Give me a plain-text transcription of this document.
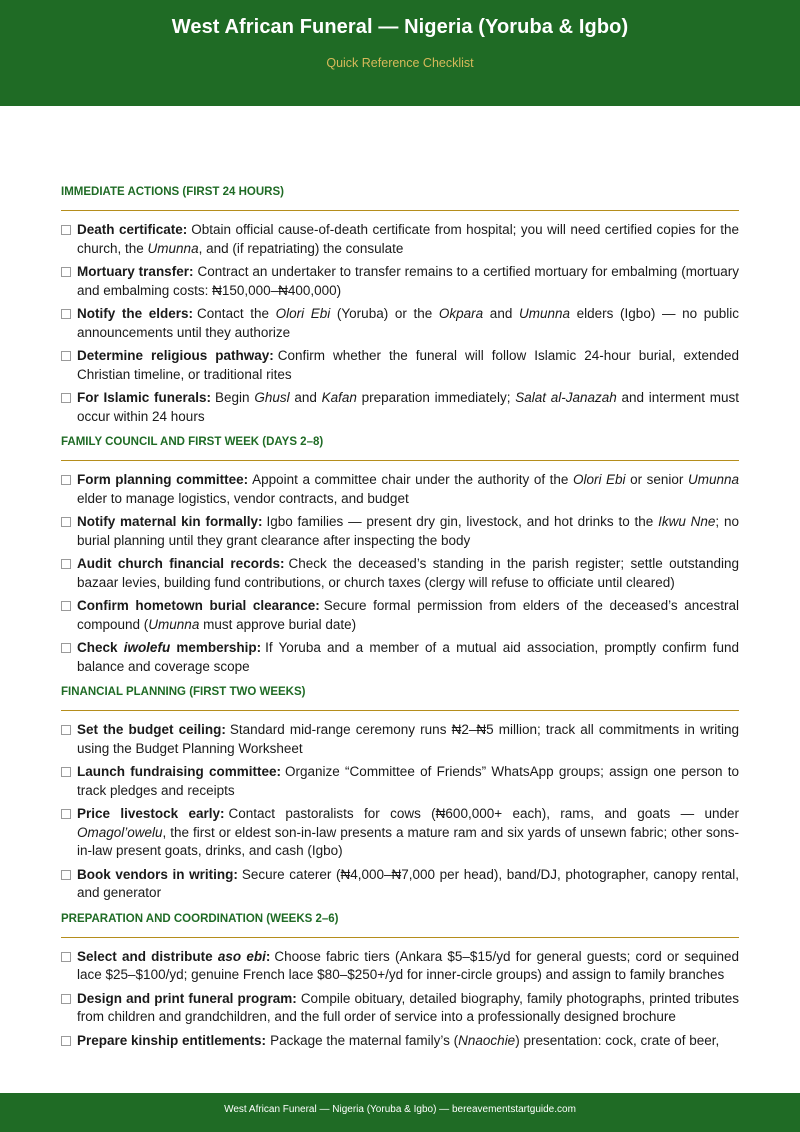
West African Funeral — Nigeria (Yoruba & Igbo)
Quick Reference Checklist
IMMEDIATE ACTIONS (FIRST 24 HOURS)
Death certificate: Obtain official cause-of-death certificate from hospital; you will need certified copies for the church, the Umunna, and (if repatriating) the consulate
Mortuary transfer: Contract an undertaker to transfer remains to a certified mortuary for embalming (mortuary and embalming costs: ₦150,000–₦400,000)
Notify the elders: Contact the Olori Ebi (Yoruba) or the Okpara and Umunna elders (Igbo) — no public announcements until they authorize
Determine religious pathway: Confirm whether the funeral will follow Islamic 24-hour burial, extended Christian timeline, or traditional rites
For Islamic funerals: Begin Ghusl and Kafan preparation immediately; Salat al-Janazah and interment must occur within 24 hours
FAMILY COUNCIL AND FIRST WEEK (DAYS 2–8)
Form planning committee: Appoint a committee chair under the authority of the Olori Ebi or senior Umunna elder to manage logistics, vendor contracts, and budget
Notify maternal kin formally: Igbo families — present dry gin, livestock, and hot drinks to the Ikwu Nne; no burial planning until they grant clearance after inspecting the body
Audit church financial records: Check the deceased’s standing in the parish register; settle outstanding bazaar levies, building fund contributions, or church taxes (clergy will refuse to officiate until cleared)
Confirm hometown burial clearance: Secure formal permission from elders of the deceased’s ancestral compound (Umunna must approve burial date)
Check iwolefu membership: If Yoruba and a member of a mutual aid association, promptly confirm fund balance and coverage scope
FINANCIAL PLANNING (FIRST TWO WEEKS)
Set the budget ceiling: Standard mid-range ceremony runs ₦2–₦5 million; track all commitments in writing using the Budget Planning Worksheet
Launch fundraising committee: Organize “Committee of Friends” WhatsApp groups; assign one person to track pledges and receipts
Price livestock early: Contact pastoralists for cows (₦600,000+ each), rams, and goats — under Omagol’owelu, the first or eldest son-in-law presents a mature ram and six yards of unsewn fabric; other sons-in-law present goats, drinks, and cash (Igbo)
Book vendors in writing: Secure caterer (₦4,000–₦7,000 per head), band/DJ, photographer, canopy rental, and generator
PREPARATION AND COORDINATION (WEEKS 2–6)
Select and distribute aso ebi: Choose fabric tiers (Ankara $5–$15/yd for general guests; cord or sequined lace $25–$100/yd; genuine French lace $80–$250+/yd for inner-circle groups) and assign to family branches
Design and print funeral program: Compile obituary, detailed biography, family photographs, printed tributes from children and grandchildren, and the full order of service into a professionally designed brochure
Prepare kinship entitlements: Package the maternal family’s (Nnaochie) presentation: cock, crate of beer,
West African Funeral — Nigeria (Yoruba & Igbo) — bereavementstartguide.com
